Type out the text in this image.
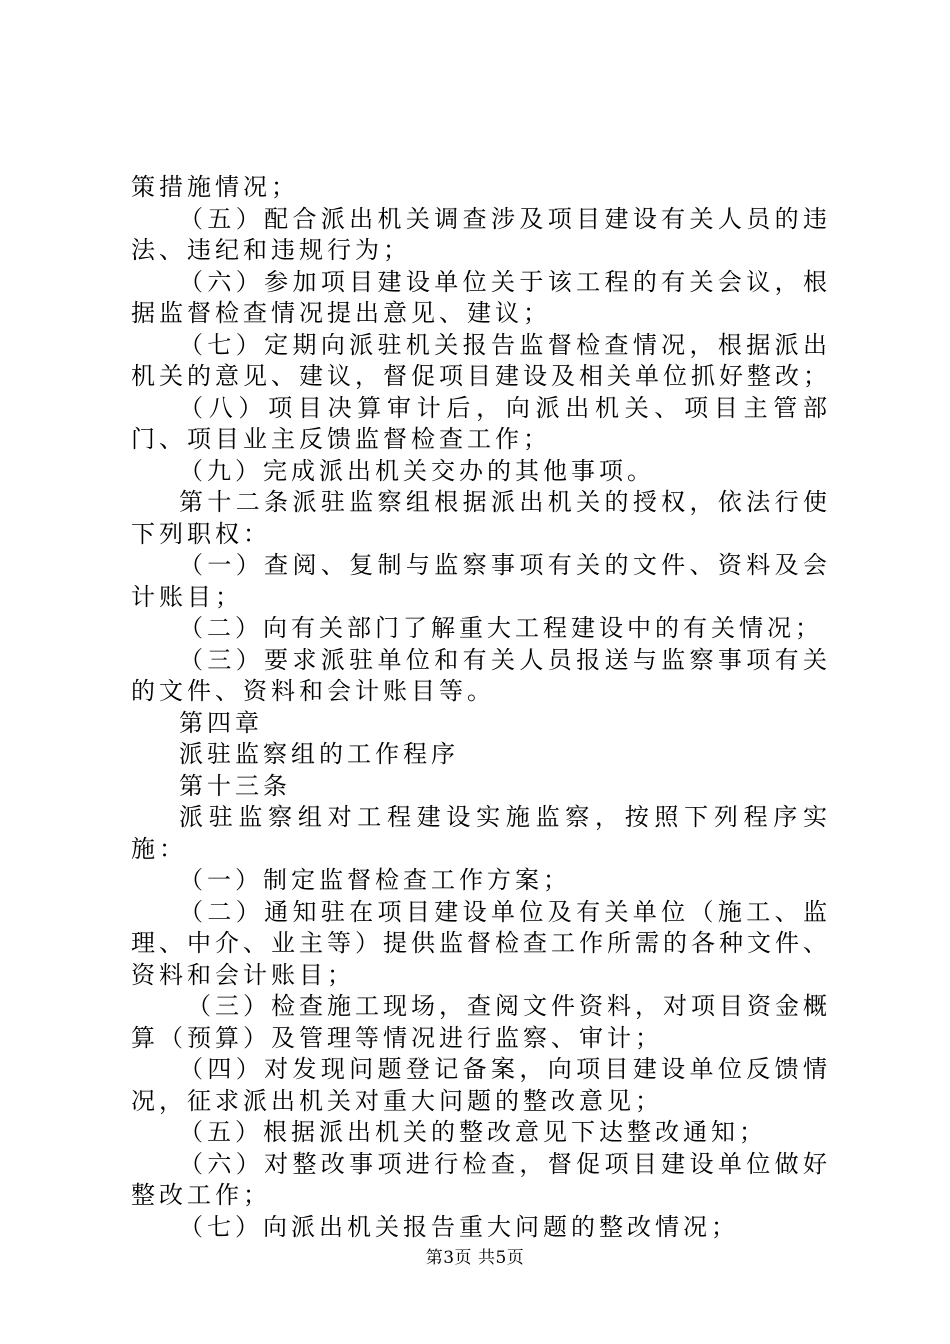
策措施情况；

（五）配合派出机关调查涉及项目建设有关人员的违法、违纪和违规行为；

（六）参加项目建设单位关于该工程的有关会议，根据监督检查情况提出意见、建议；

（七）定期向派驻机关报告监督检查情况，根据派出机关的意见、建议，督促项目建设及相关单位抓好整改；

（八）项目决算审计后，向派出机关、项目主管部门、项目业主反馈监督检查工作；

（九）完成派出机关交办的其他事项。

第十二条派驻监察组根据派出机关的授权，依法行使下列职权：

（一）查阅、复制与监察事项有关的文件、资料及会计账目；

（二）向有关部门了解重大工程建设中的有关情况；

（三）要求派驻单位和有关人员报送与监察事项有关的文件、资料和会计账目等。

第四章

派驻监察组的工作程序

第十三条

派驻监察组对工程建设实施监察，按照下列程序实施：

（一）制定监督检查工作方案；

（二）通知驻在项目建设单位及有关单位（施工、监理、中介、业主等）提供监督检查工作所需的各种文件、资料和会计账目；

（三）检查施工现场，查阅文件资料，对项目资金概算（预算）及管理等情况进行监察、审计；

（四）对发现问题登记备案，向项目建设单位反馈情况，征求派出机关对重大问题的整改意见；

（五）根据派出机关的整改意见下达整改通知；

（六）对整改事项进行检查，督促项目建设单位做好整改工作；

（七）向派出机关报告重大问题的整改情况；

第3页 共5页
